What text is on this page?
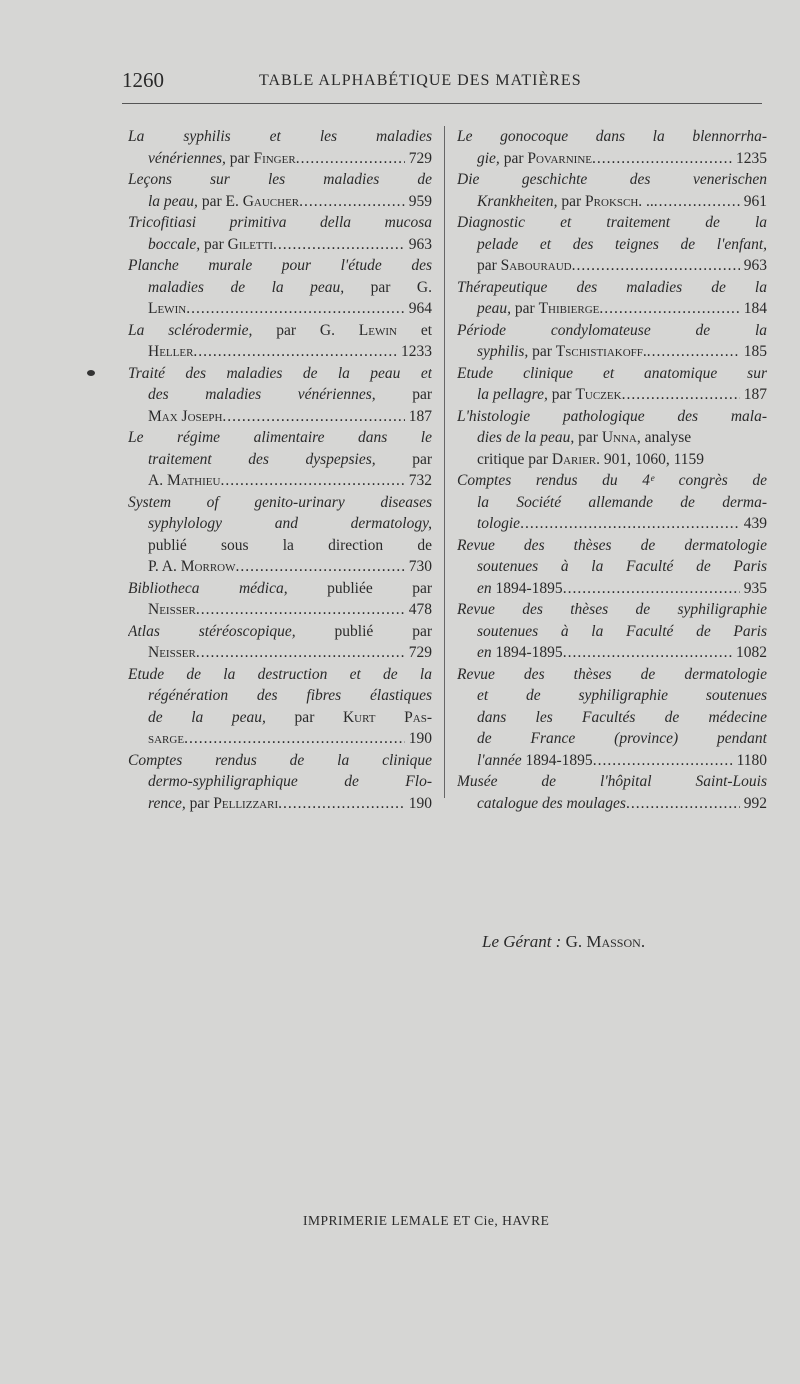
1260	TABLE ALPHABÉTIQUE DES MATIÈRES
La syphilis et les maladies
vénériennes, par Finger .....	729
Leçons sur les maladies de
la peau, par E. Gaucher .....	959
Tricofitiasi primitiva della mucosa
boccale, par Giletti .....	963
Planche murale pour l'étude des
maladies de la peau, par G.
Lewin .....	964
La sclérodermie, par G. Lewin et
Heller .....	1233
Traité des maladies de la peau et
des maladies vénériennes, par
Max Joseph .....	187
Le régime alimentaire dans le
traitement des dyspepsies, par
A. Mathieu .....	732
System of genito-urinary diseases
syphylology and dermatology,
publié sous la direction de
P. A. Morrow .....	730
Bibliotheca médica, publiée par
Neisser .....	478
Atlas stéréoscopique, publié par
Neisser .....	729
Etude de la destruction et de la
régénération des fibres élastiques
de la peau, par Kurt Pas-
sarge .....	190
Comptes rendus de la clinique
dermo-syphiligraphique de Flo-
rence, par Pellizzari .....	190
Le gonocoque dans la blennorrha-
gie, par Povarnine .....	1235
Die geschichte des venerischen
Krankheiten, par Proksch. .. .....	961
Diagnostic et traitement de la
pelade et des teignes de l'enfant,
par Sabouraud .....	963
Thérapeutique des maladies de la
peau, par Thibierge .....	184
Période condylomateuse de la
syphilis, par Tschistiakoff. .....	185
Etude clinique et anatomique sur
la pellagre, par Tuczek .....	187
L'histologie pathologique des mala-
dies de la peau, par Unna, analyse
critique par Darier. 901, 1060, 1159
Comptes rendus du 4ᵉ congrès de
la Société allemande de derma-
tologie .....	439
Revue des thèses de dermatologie
soutenues à la Faculté de Paris
en 1894-1895 .....	935
Revue des thèses de syphiligraphie
soutenues à la Faculté de Paris
en 1894-1895 .....	1082
Revue des thèses de dermatologie
et de syphiligraphie soutenues
dans les Facultés de médecine
de France (province) pendant
l'année 1894-1895 .....	1180
Musée de l'hôpital Saint-Louis
catalogue des moulages .....	992
Le Gérant : G. Masson.
IMPRIMERIE LEMALE ET Cie, HAVRE
